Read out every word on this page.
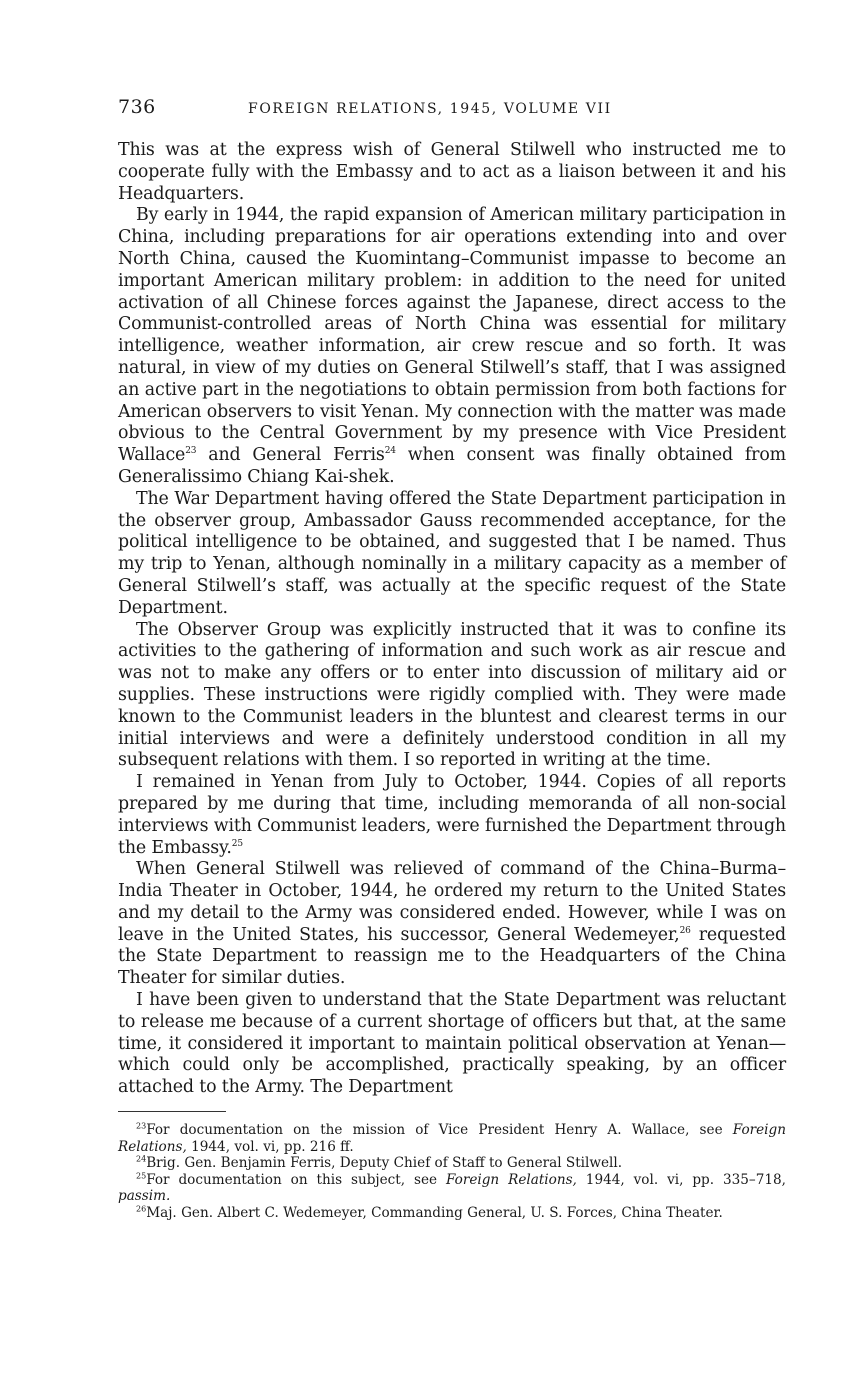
736	FOREIGN RELATIONS, 1945, VOLUME VII

This was at the express wish of General Stilwell who instructed me to cooperate fully with the Embassy and to act as a liaison between it and his Headquarters.

By early in 1944, the rapid expansion of American military participation in China, including preparations for air operations extending into and over North China, caused the Kuomintang–Communist impasse to become an important American military problem: in addition to the need for united activation of all Chinese forces against the Japanese, direct access to the Communist-controlled areas of North China was essential for military intelligence, weather information, air crew rescue and so forth. It was natural, in view of my duties on General Stilwell’s staff, that I was assigned an active part in the negotiations to obtain permission from both factions for American observers to visit Yenan. My connection with the matter was made obvious to the Central Government by my presence with Vice President Wallace$^{23}$ and General Ferris$^{24}$ when consent was finally obtained from Generalissimo Chiang Kai-shek.

The War Department having offered the State Department participation in the observer group, Ambassador Gauss recommended acceptance, for the political intelligence to be obtained, and suggested that I be named. Thus my trip to Yenan, although nominally in a military capacity as a member of General Stilwell’s staff, was actually at the specific request of the State Department.

The Observer Group was explicitly instructed that it was to confine its activities to the gathering of information and such work as air rescue and was not to make any offers or to enter into discussion of military aid or supplies. These instructions were rigidly complied with. They were made known to the Communist leaders in the bluntest and clearest terms in our initial interviews and were a definitely understood condition in all my subsequent relations with them. I so reported in writing at the time.

I remained in Yenan from July to October, 1944. Copies of all reports prepared by me during that time, including memoranda of all non-social interviews with Communist leaders, were furnished the Department through the Embassy.$^{25}$

When General Stilwell was relieved of command of the China–Burma–India Theater in October, 1944, he ordered my return to the United States and my detail to the Army was considered ended. However, while I was on leave in the United States, his successor, General Wedemeyer,$^{26}$ requested the State Department to reassign me to the Headquarters of the China Theater for similar duties.

I have been given to understand that the State Department was reluctant to release me because of a current shortage of officers but that, at the same time, it considered it important to maintain political observation at Yenan—which could only be accomplished, practically speaking, by an officer attached to the Army. The Department

$^{23}$For documentation on the mission of Vice President Henry A. Wallace, see Foreign Relations, 1944, vol. vi, pp. 216 ff.

$^{24}$Brig. Gen. Benjamin Ferris, Deputy Chief of Staff to General Stilwell.

$^{25}$For documentation on this subject, see Foreign Relations, 1944, vol. vi, pp. 335–718, passim.

$^{26}$Maj. Gen. Albert C. Wedemeyer, Commanding General, U. S. Forces, China Theater.
